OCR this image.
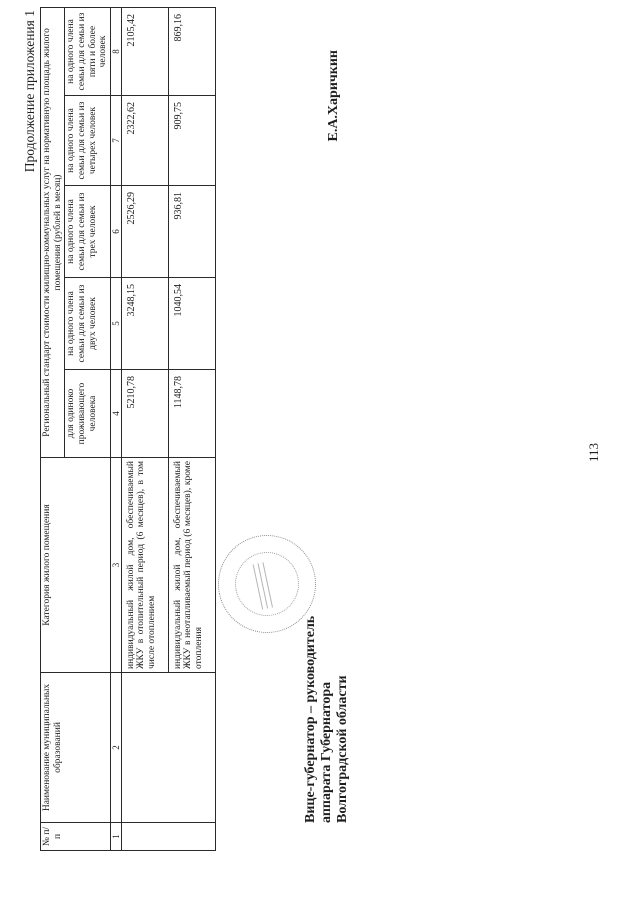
113
Продолжение приложения 1
№ п/п	Наименование муниципальных образований	Категория жилого помещения	Региональный стандарт стоимости жилищно-коммунальных услуг на нормативную площадь жилого помещения (рублей в месяц)				
			для одиноко проживающего человека	на одного члена семьи для семьи из двух человек	на одного члена семьи для семьи из трех человек	на одного члена семьи для семьи из четырех человек	на одного члена семьи для семьи из пяти и более человек
1	2	3	4	5	6	7	8
		индивидуальный жилой дом, обеспечиваемый ЖКУ в отопительный период (6 месяцев), в том числе отоплением	5210,78	3248,15	2526,29	2322,62	2105,42
		индивидуальный жилой дом, обеспечиваемый ЖКУ в неотапливаемый период (6 месяцев), кроме отопления	1148,78	1040,54	936,81	909,75	869,16
Вице-губернатор – руководитель аппарата Губернатора Волгоградской области
Е.А.Харичкин
